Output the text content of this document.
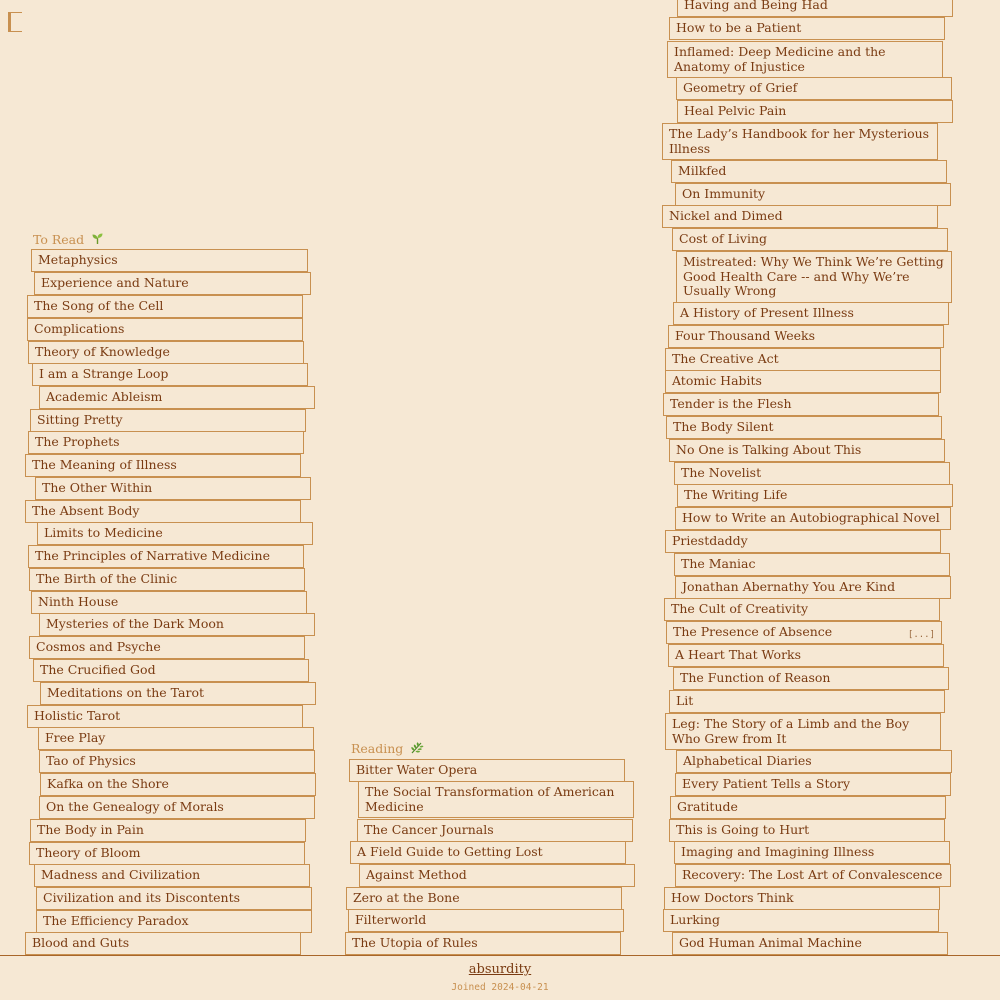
To Read
Metaphysics
Experience and Nature
The Song of the Cell
Complications
Theory of Knowledge
I am a Strange Loop
Academic Ableism
Sitting Pretty
The Prophets
The Meaning of Illness
The Other Within
The Absent Body
Limits to Medicine
The Principles of Narrative Medicine
The Birth of the Clinic
Ninth House
Mysteries of the Dark Moon
Cosmos and Psyche
The Crucified God
Meditations on the Tarot
Holistic Tarot
Free Play
Tao of Physics
Kafka on the Shore
On the Genealogy of Morals
The Body in Pain
Theory of Bloom
Madness and Civilization
Civilization and its Discontents
The Efficiency Paradox
Blood and Guts
Reading
Bitter Water Opera
The Social Transformation of American Medicine
The Cancer Journals
A Field Guide to Getting Lost
Against Method
Zero at the Bone
Filterworld
The Utopia of Rules
Having and Being Had
How to be a Patient
Inflamed: Deep Medicine and the Anatomy of Injustice
Geometry of Grief
Heal Pelvic Pain
The Lady’s Handbook for her Mysterious Illness
Milkfed
On Immunity
Nickel and Dimed
Cost of Living
Mistreated: Why We Think We’re Getting Good Health Care -- and Why We’re Usually Wrong
A History of Present Illness
Four Thousand Weeks
The Creative Act
Atomic Habits
Tender is the Flesh
The Body Silent
No One is Talking About This
The Novelist
The Writing Life
How to Write an Autobiographical Novel
Priestdaddy
The Maniac
Jonathan Abernathy You Are Kind
The Cult of Creativity
The Presence of Absence	[...]
A Heart That Works
The Function of Reason
Lit
Leg: The Story of a Limb and the Boy Who Grew from It
Alphabetical Diaries
Every Patient Tells a Story
Gratitude
This is Going to Hurt
Imaging and Imagining Illness
Recovery: The Lost Art of Convalescence
How Doctors Think
Lurking
God Human Animal Machine
absurdity
Joined 2024-04-21
